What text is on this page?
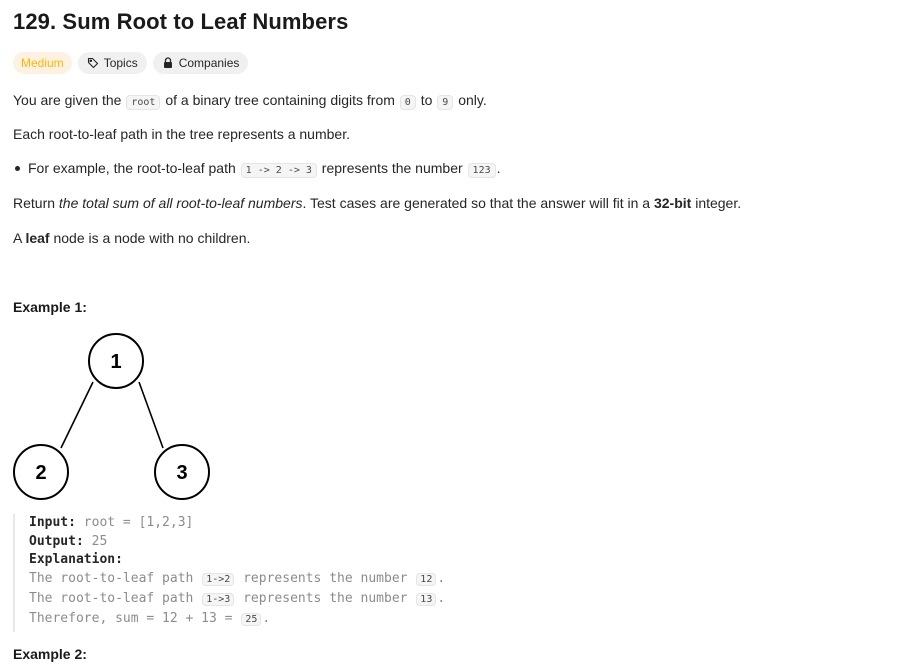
129. Sum Root to Leaf Numbers
Medium	Topics	Companies
You are given the root of a binary tree containing digits from 0 to 9 only.
Each root-to-leaf path in the tree represents a number.
For example, the root-to-leaf path 1 -> 2 -> 3 represents the number 123 .
Return the total sum of all root-to-leaf numbers. Test cases are generated so that the answer will fit in a 32-bit integer.
A leaf node is a node with no children.
Example 1:
1
2	3
Input: root = [1,2,3]
Output: 25
Explanation:
The root-to-leaf path 1->2 represents the number 12 .
The root-to-leaf path 1->3 represents the number 13 .
Therefore, sum = 12 + 13 = 25 .
Example 2:
